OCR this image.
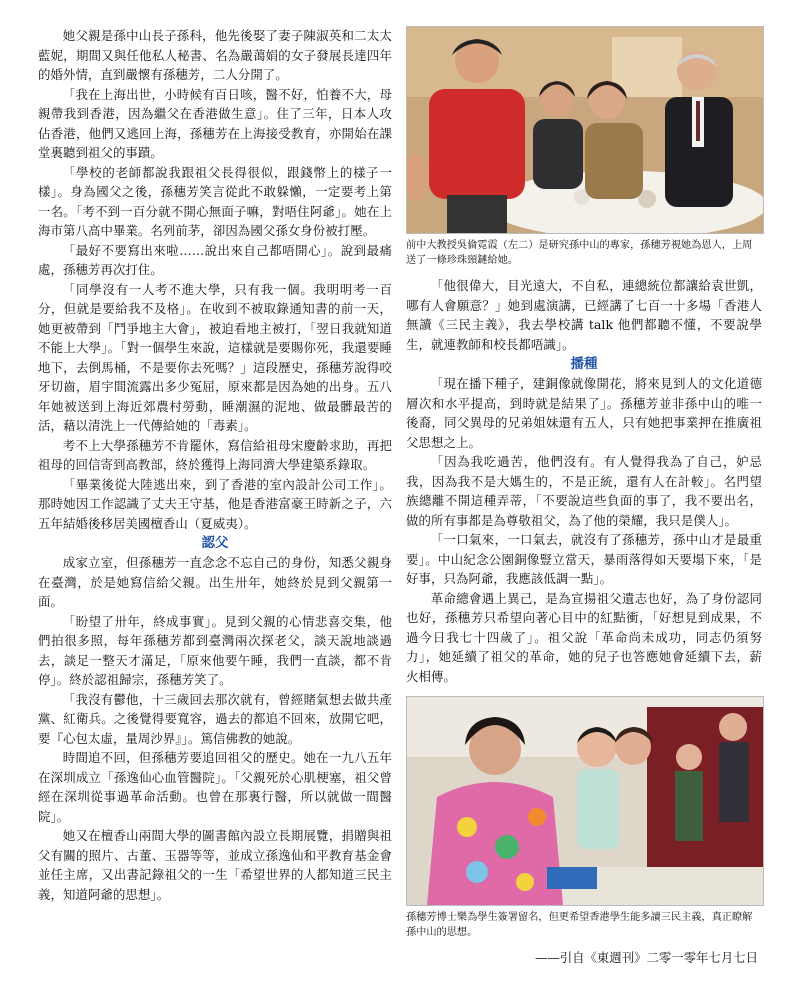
她父親是孫中山長子孫科，他先後娶了妻子陳淑英和二太太藍妮，期間又與任他私人秘書、名為嚴蔼娟的女子發展長達四年的婚外情，直到嚴懷有孫穗芳，二人分開了。

「我在上海出世，小時候有百日咳，醫不好，怕養不大，母親帶我到香港，因為繼父在香港做生意」。住了三年，日本人攻佔香港，他們又逃回上海，孫穗芳在上海接受教育，亦開始在課堂裏聽到祖父的事蹟。

「學校的老師都說我跟祖父長得很似，跟錢幣上的樣子一樣」。身為國父之後，孫穗芳笑言從此不敢躲懶，一定要考上第一名。「考不到一百分就不開心無面子嘛，對唔住阿爺」。她在上海市第八高中畢業。名列前茅，卻因為國父孫女身份被打壓。

「最好不要寫出來啦……說出來自己都唔開心」。說到最痛處，孫穗芳再次打住。

「同學沒有一人考不進大學，只有我一個。我明明考一百分，但就是要給我不及格」。在收到不被取錄通知書的前一天，她更被帶到「鬥爭地主大會」，被迫看地主被打，「翌日我就知道不能上大學」。「對一個學生來說，這樣就是要賜你死，我還要睡地下，去倒馬桶，不是要你去死嗎？」這段歷史，孫穗芳說得咬牙切齒，眉宇間流露出多少冤屈，原來都是因為她的出身。五八年她被送到上海近郊農村勞動，睡潮濕的泥地、做最髒最苦的活，藉以清洗上一代傳給她的「毒素」。

考不上大學孫穗芳不肯罷休，寫信給祖母宋慶齡求助，再把祖母的回信寄到高教部，終於獲得上海同濟大學建築系錄取。

「畢業後從大陸逃出來，到了香港的室內設計公司工作」。那時她因工作認識了丈夫王守基，他是香港富豪王時新之子，六五年結婚後移居美國檀香山（夏威夷）。

認父

成家立室，但孫穗芳一直念念不忘自己的身份，知悉父親身在臺灣，於是她寫信給父親。出生卅年，她終於見到父親第一面。

「盼望了卅年，終成事實」。見到父親的心情悲喜交集，他們拍很多照，每年孫穗芳都到臺灣兩次探老父，談天說地談過去，談足一整天才滿足，「原來他要午睡，我們一直談，都不肯停」。終於認祖歸宗，孫穗芳笑了。

「我沒有鬱他，十三歲回去那次就有，曾經賭氣想去做共產黨、紅衛兵。之後覺得要寬容，過去的都追不回來，放開它吧，要『心包太虛，量周沙界』」。篤信佛教的她說。

時間追不回，但孫穗芳要追回祖父的歷史。她在一九八五年在深圳成立「孫逸仙心血管醫院」。「父親死於心肌梗塞，祖父曾經在深圳從事過革命活動。也曾在那裏行醫，所以就做一間醫院」。

她又在檀香山兩間大學的圖書館內設立長期展覽，捐贈與祖父有關的照片、古董、玉器等等，並成立孫逸仙和平教育基金會並任主席，又出書記錄祖父的一生「希望世界的人都知道三民主義，知道阿爺的思想」。

前中大教授吳倫霓霞（左二）是研究孫中山的專家，孫穗芳視她為恩人，上周送了一條珍珠頸鏈給她。

「他很偉大，目光遠大，不自私，連總統位都讓給袁世凱，哪有人會願意？」她到處演講，已經講了七百一十多場「香港人無讀《三民主義》，我去學校講 talk 他們都聽不懂，不要說學生，就連教師和校長都唔識」。

播種

「現在播下種子，建銅像就像開花，將來見到人的文化道德層次和水平提高，到時就是結果了」。孫穗芳並非孫中山的唯一後裔，同父異母的兄弟姐妹還有五人，只有她把事業押在推廣祖父思想之上。

「因為我吃過苦，他們沒有。有人覺得我為了自己，妒忌我，因為我不是大媽生的，不是正統，還有人在計較」。名門望族總離不開這種弄蒂，「不要說這些負面的事了，我不要出名，做的所有事都是為尊敬祖父，為了他的榮耀，我只是僕人」。

「一口氣來，一口氣去，就沒有了孫穗芳，孫中山才是最重要」。中山紀念公園銅像豎立當天，暴雨落得如天要塌下來，「是好事，只為阿爺，我應該低調一點」。

革命總會遇上異己，是為宣揚祖父遺志也好，為了身份認同也好，孫穗芳只希望向著心目中的紅點衝，「好想見到成果，不過今日我七十四歲了」。祖父說「革命尚未成功，同志仍須努力」，她延續了祖父的革命，她的兒子也答應她會延續下去，薪火相傳。

孫穗芳博士樂為學生簽署留名，但更希望香港學生能多讀三民主義，真正瞭解孫中山的思想。
——引自《東週刊》二零一零年七月七日
